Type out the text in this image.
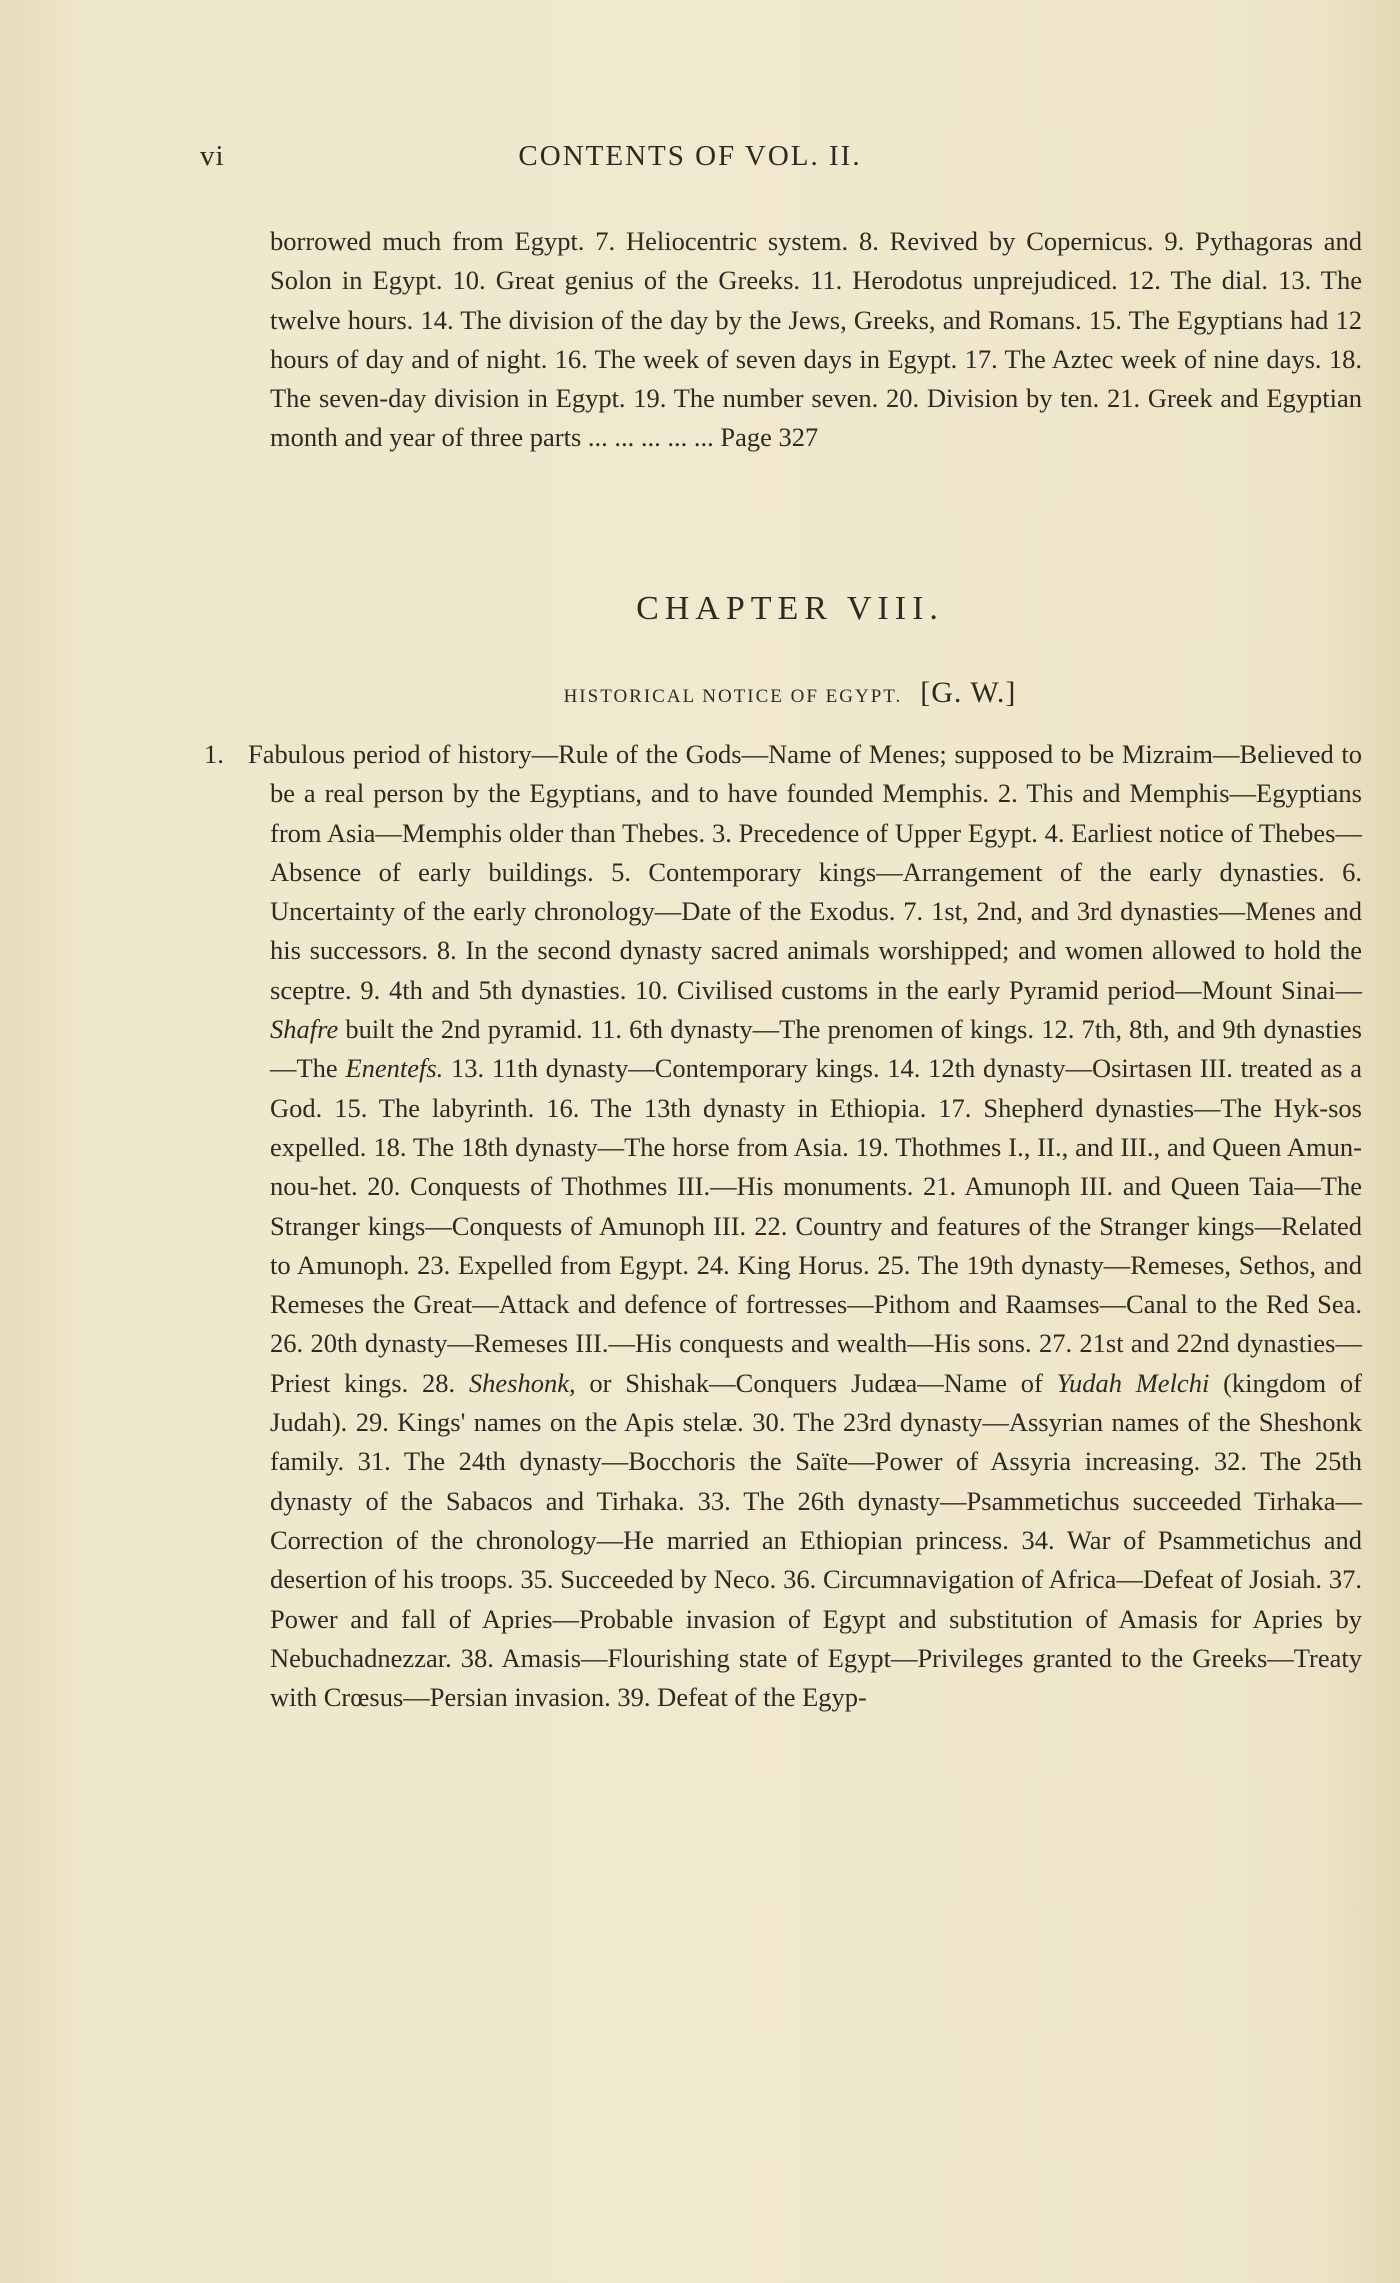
vi	CONTENTS OF VOL. II.

borrowed much from Egypt. 7. Heliocentric system. 8. Revived by Copernicus. 9. Pythagoras and Solon in Egypt. 10. Great genius of the Greeks. 11. Herodotus unprejudiced. 12. The dial. 13. The twelve hours. 14. The division of the day by the Jews, Greeks, and Romans. 15. The Egyptians had 12 hours of day and of night. 16. The week of seven days in Egypt. 17. The Aztec week of nine days. 18. The seven-day division in Egypt. 19. The number seven. 20. Division by ten. 21. Greek and Egyptian month and year of three parts ... ... ... ... ... Page 327

CHAPTER VIII.
HISTORICAL NOTICE OF EGYPT. [G. W.]

1. Fabulous period of history—Rule of the Gods—Name of Menes; supposed to be Mizraim—Believed to be a real person by the Egyptians, and to have founded Memphis. 2. This and Memphis—Egyptians from Asia—Memphis older than Thebes. 3. Precedence of Upper Egypt. 4. Earliest notice of Thebes—Absence of early buildings. 5. Contemporary kings—Arrangement of the early dynasties. 6. Uncertainty of the early chronology—Date of the Exodus. 7. 1st, 2nd, and 3rd dynasties—Menes and his successors. 8. In the second dynasty sacred animals worshipped; and women allowed to hold the sceptre. 9. 4th and 5th dynasties. 10. Civilised customs in the early Pyramid period—Mount Sinai—Shafre built the 2nd pyramid. 11. 6th dynasty—The prenomen of kings. 12. 7th, 8th, and 9th dynasties—The Enentefs. 13. 11th dynasty—Contemporary kings. 14. 12th dynasty—Osirtasen III. treated as a God. 15. The labyrinth. 16. The 13th dynasty in Ethiopia. 17. Shepherd dynasties—The Hyk-sos expelled. 18. The 18th dynasty—The horse from Asia. 19. Thothmes I., II., and III., and Queen Amun-nou-het. 20. Conquests of Thothmes III.—His monuments. 21. Amunoph III. and Queen Taia—The Stranger kings—Conquests of Amunoph III. 22. Country and features of the Stranger kings—Related to Amunoph. 23. Expelled from Egypt. 24. King Horus. 25. The 19th dynasty—Remeses, Sethos, and Remeses the Great—Attack and defence of fortresses—Pithom and Raamses—Canal to the Red Sea. 26. 20th dynasty—Remeses III.—His conquests and wealth—His sons. 27. 21st and 22nd dynasties—Priest kings. 28. Sheshonk, or Shishak—Conquers Judæa—Name of Yudah Melchi (kingdom of Judah). 29. Kings' names on the Apis stelæ. 30. The 23rd dynasty—Assyrian names of the Sheshonk family. 31. The 24th dynasty—Bocchoris the Saïte—Power of Assyria increasing. 32. The 25th dynasty of the Sabacos and Tirhaka. 33. The 26th dynasty—Psammetichus succeeded Tirhaka—Correction of the chronology—He married an Ethiopian princess. 34. War of Psammetichus and desertion of his troops. 35. Succeeded by Neco. 36. Circumnavigation of Africa—Defeat of Josiah. 37. Power and fall of Apries—Probable invasion of Egypt and substitution of Amasis for Apries by Nebuchadnezzar. 38. Amasis—Flourishing state of Egypt—Privileges granted to the Greeks—Treaty with Crœsus—Persian invasion. 39. Defeat of the Egyp-
